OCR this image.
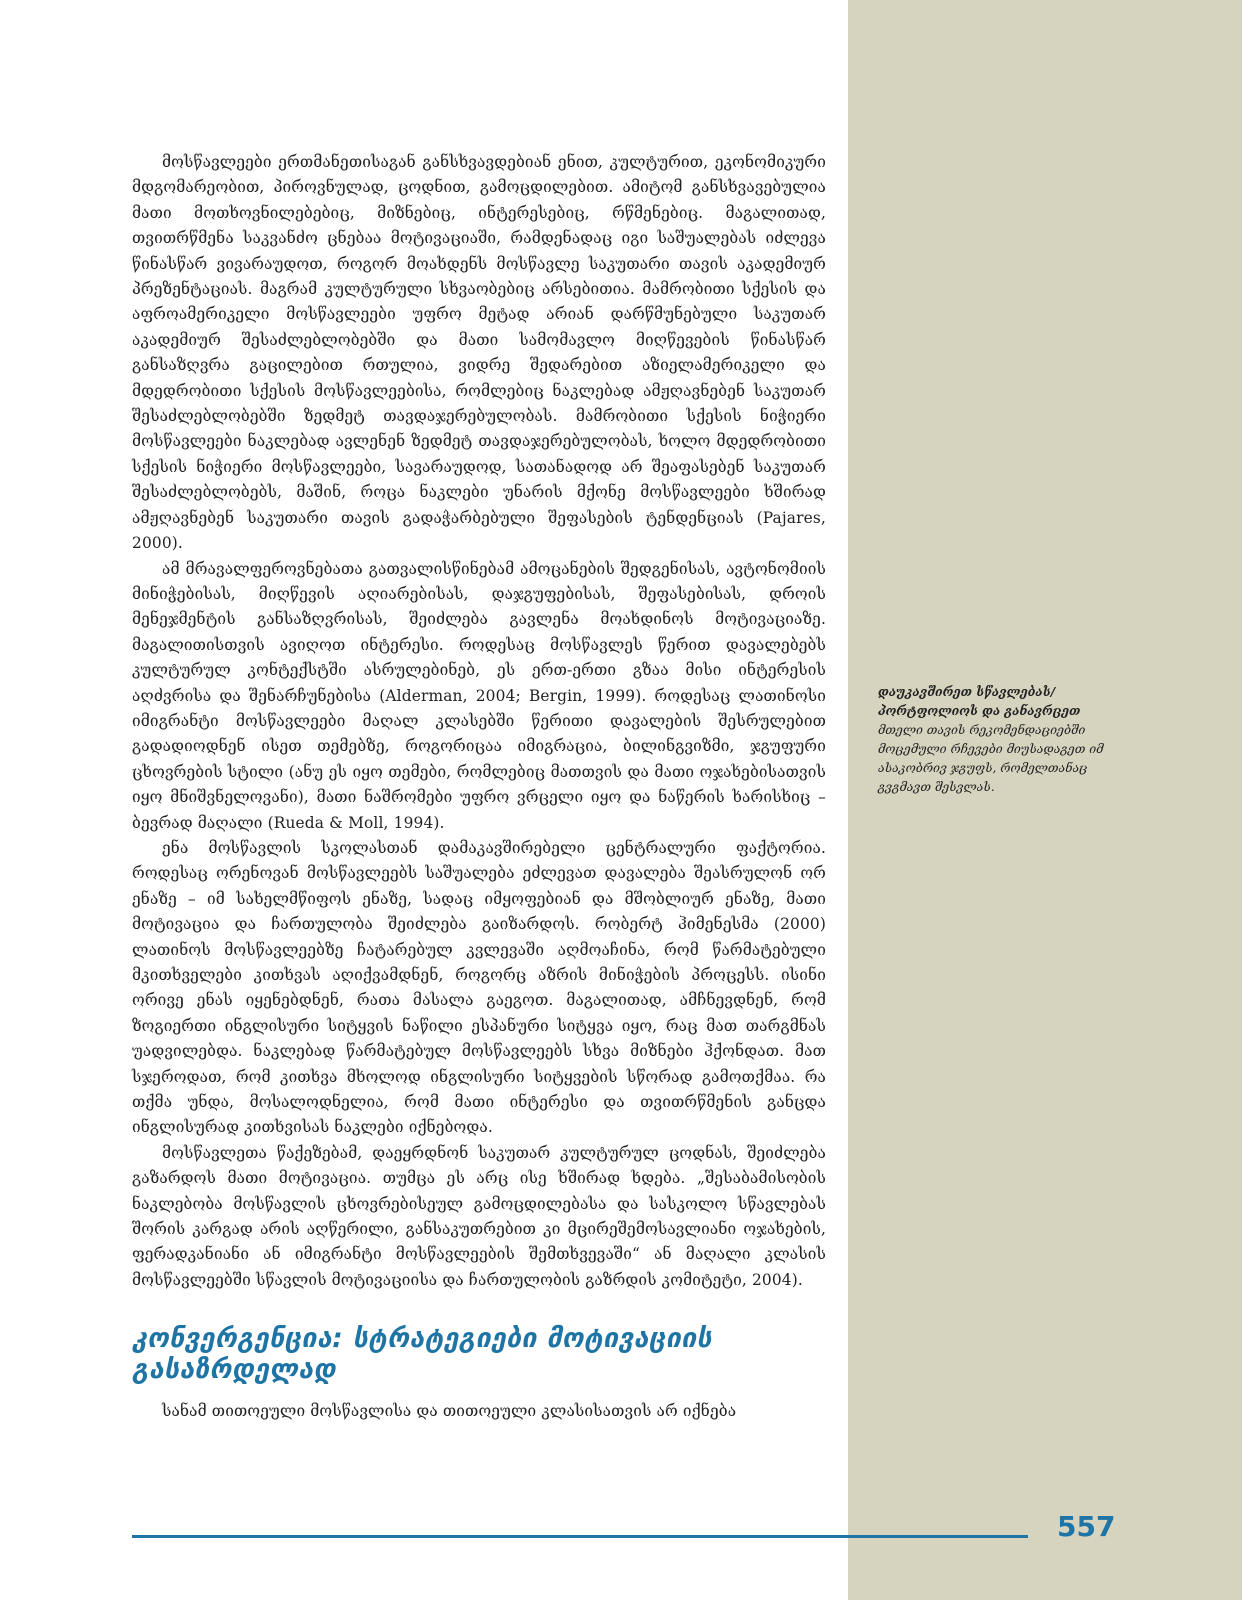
მოსწავლეები ერთმანეთისაგან განსხვავდებიან ენით, კულტურით, ეკონომიკური მდგომარეობით, პიროვნულად, ცოდნით, გამოცდილებით. ამიტომ განსხვავებულია მათი მოთხოვნილებებიც, მიზნებიც, ინტერესებიც, რწმენებიც. მაგალითად, თვითრწმენა საკვანძო ცნებაა მოტივაციაში, რამდენადაც იგი საშუალებას იძლევა წინასწარ ვივარაუდოთ, როგორ მოახდენს მოსწავლე საკუთარი თავის აკადემიურ პრეზენტაციას. მაგრამ კულტურული სხვაობებიც არსებითია. მამრობითი სქესის და აფროამერიკელი მოსწავლეები უფრო მეტად არიან დარწმუნებული საკუთარ აკადემიურ შესაძლებლობებში და მათი სამომავლო მიღწევების წინასწარ განსაზღვრა გაცილებით რთულია, ვიდრე შედარებით აზიელამერიკელი და მდედრობითი სქესის მოსწავლეებისა, რომლებიც ნაკლებად ამჟღავნებენ საკუთარ შესაძლებლობებში ზედმეტ თავდაჯერებულობას. მამრობითი სქესის ნიჭიერი მოსწავლეები ნაკლებად ავლენენ ზედმეტ თავდაჯერებულობას, ხოლო მდედრობითი სქესის ნიჭიერი მოსწავლეები, სავარაუდოდ, სათანადოდ არ შეაფასებენ საკუთარ შესაძლებლობებს, მაშინ, როცა ნაკლები უნარის მქონე მოსწავლეები ხშირად ამჟღავნებენ საკუთარი თავის გადაჭარბებული შეფასების ტენდენციას (Pajares, 2000).

ამ მრავალფეროვნებათა გათვალისწინებამ ამოცანების შედგენისას, ავტონომიის მინიჭებისას, მიღწევის აღიარებისას, დაჯგუფებისას, შეფასებისას, დროის მენეჯმენტის განსაზღვრისას, შეიძლება გავლენა მოახდინოს მოტივაციაზე. მაგალითისთვის ავიღოთ ინტერესი. როდესაც მოსწავლეს წერით დავალებებს კულტურულ კონტექსტში ასრულებინებ, ეს ერთ-ერთი გზაა მისი ინტერესის აღძვრისა და შენარჩუნებისა (Alderman, 2004; Bergin, 1999). როდესაც ლათინოსი იმიგრანტი მოსწავლეები მაღალ კლასებში წერითი დავალების შესრულებით გადადიოდნენ ისეთ თემებზე, როგორიცაა იმიგრაცია, ბილინგვიზმი, ჯგუფური ცხოვრების სტილი (ანუ ეს იყო თემები, რომლებიც მათთვის და მათი ოჯახებისათვის იყო მნიშვნელოვანი), მათი ნაშრომები უფრო ვრცელი იყო და ნაწერის ხარისხიც – ბევრად მაღალი (Rueda & Moll, 1994).

ენა მოსწავლის სკოლასთან დამაკავშირებელი ცენტრალური ფაქტორია. როდესაც ორენოვან მოსწავლეებს საშუალება ეძლევათ დავალება შეასრულონ ორ ენაზე – იმ სახელმწიფოს ენაზე, სადაც იმყოფებიან და მშობლიურ ენაზე, მათი მოტივაცია და ჩართულობა შეიძლება გაიზარდოს. რობერტ ჰიმენესმა (2000) ლათინოს მოსწავლეებზე ჩატარებულ კვლევაში აღმოაჩინა, რომ წარმატებული მკითხველები კითხვას აღიქვამდნენ, როგორც აზრის მინიჭების პროცესს. ისინი ორივე ენას იყენებდნენ, რათა მასალა გაეგოთ. მაგალითად, ამჩნევდნენ, რომ ზოგიერთი ინგლისური სიტყვის ნაწილი ესპანური სიტყვა იყო, რაც მათ თარგმნას უადვილებდა. ნაკლებად წარმატებულ მოსწავლეებს სხვა მიზნები ჰქონდათ. მათ სჯეროდათ, რომ კითხვა მხოლოდ ინგლისური სიტყვების სწორად გამოთქმაა. რა თქმა უნდა, მოსალოდნელია, რომ მათი ინტერესი და თვითრწმენის განცდა ინგლისურად კითხვისას ნაკლები იქნებოდა.

მოსწავლეთა წაქეზებამ, დაეყრდნონ საკუთარ კულტურულ ცოდნას, შეიძლება გაზარდოს მათი მოტივაცია. თუმცა ეს არც ისე ხშირად ხდება. „შესაბამისობის ნაკლებობა მოსწავლის ცხოვრებისეულ გამოცდილებასა და სასკოლო სწავლებას შორის კარგად არის აღწერილი, განსაკუთრებით კი მცირეშემოსავლიანი ოჯახების, ფერადკანიანი ან იმიგრანტი მოსწავლეების შემთხვევაში“ ან მაღალი კლასის მოსწავლეებში სწავლის მოტივაციისა და ჩართულობის გაზრდის კომიტეტი, 2004).

კონვერგენცია: სტრატეგიები მოტივაციის გასაზრდელად

სანამ თითოეული მოსწავლისა და თითოეული კლასისათვის არ იქნება

დაუკავშირეთ სწავლებას/ პორტფოლიოს და განავრცეთ
მთელი თავის რეკომენდაციებში მოცემული რჩევები მიუსადაგეთ იმ ასაკობრივ ჯგუფს, რომელთანაც გვგმავთ შესვლას.
557
